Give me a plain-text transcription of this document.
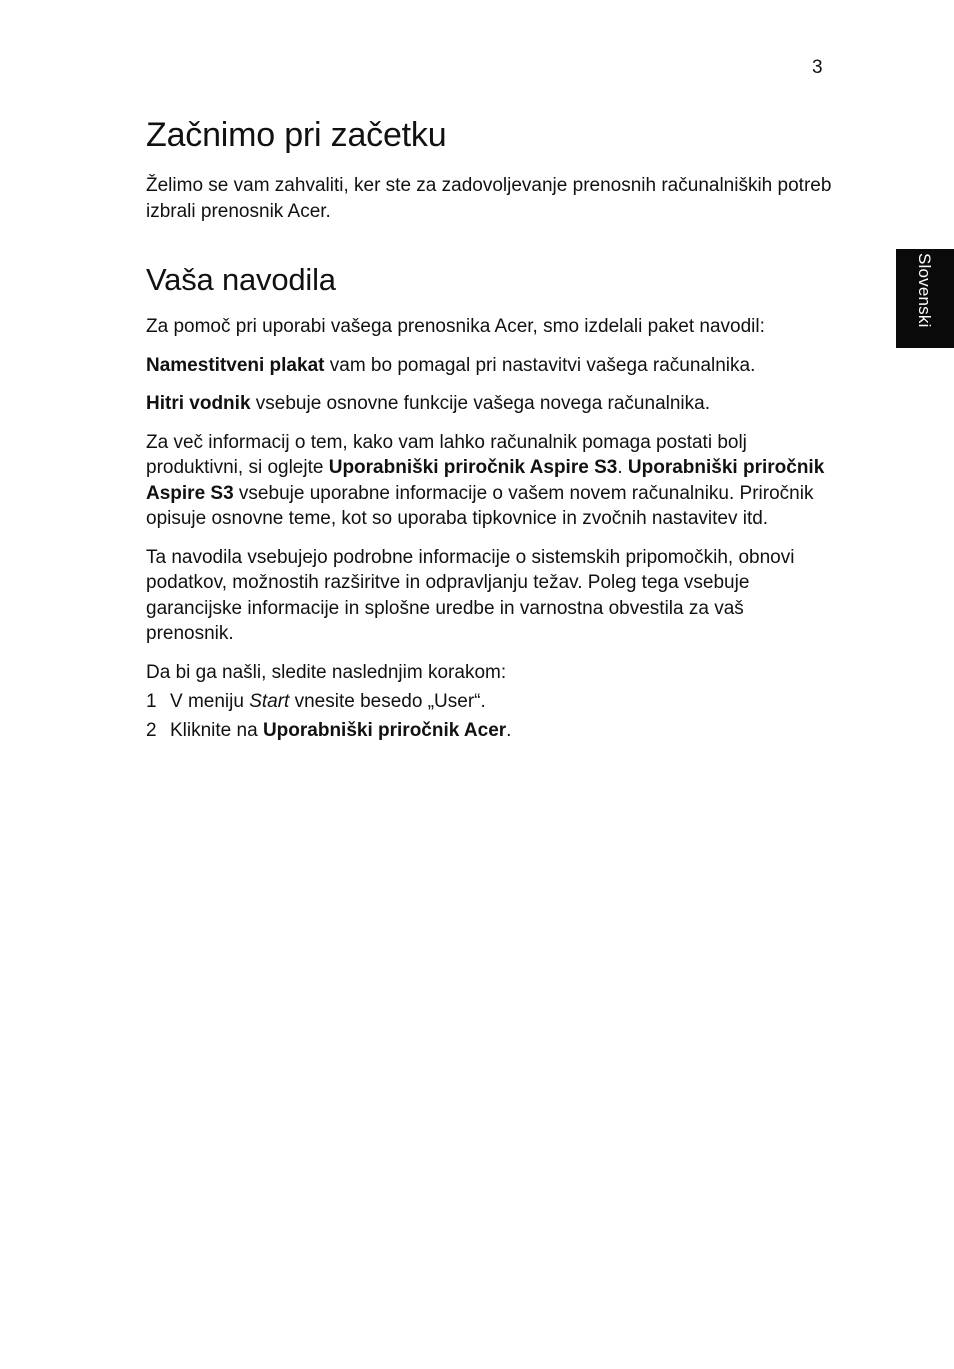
3
Slovenski
Začnimo pri začetku

Želimo se vam zahvaliti, ker ste za zadovoljevanje prenosnih računalniških potreb izbrali prenosnik Acer.

Vaša navodila

Za pomoč pri uporabi vašega prenosnika Acer, smo izdelali paket navodil:

Namestitveni plakat vam bo pomagal pri nastavitvi vašega računalnika.

Hitri vodnik vsebuje osnovne funkcije vašega novega računalnika.

Za več informacij o tem, kako vam lahko računalnik pomaga postati bolj produktivni, si oglejte Uporabniški priročnik Aspire S3. Uporabniški priročnik Aspire S3 vsebuje uporabne informacije o vašem novem računalniku. Priročnik opisuje osnovne teme, kot so uporaba tipkovnice in zvočnih nastavitev itd.

Ta navodila vsebujejo podrobne informacije o sistemskih pripomočkih, obnovi podatkov, možnostih razširitve in odpravljanju težav. Poleg tega vsebuje garancijske informacije in splošne uredbe in varnostna obvestila za vaš prenosnik.

Da bi ga našli, sledite naslednjim korakom:

1 V meniju Start vnesite besedo „User“.
2 Kliknite na Uporabniški priročnik Acer.
